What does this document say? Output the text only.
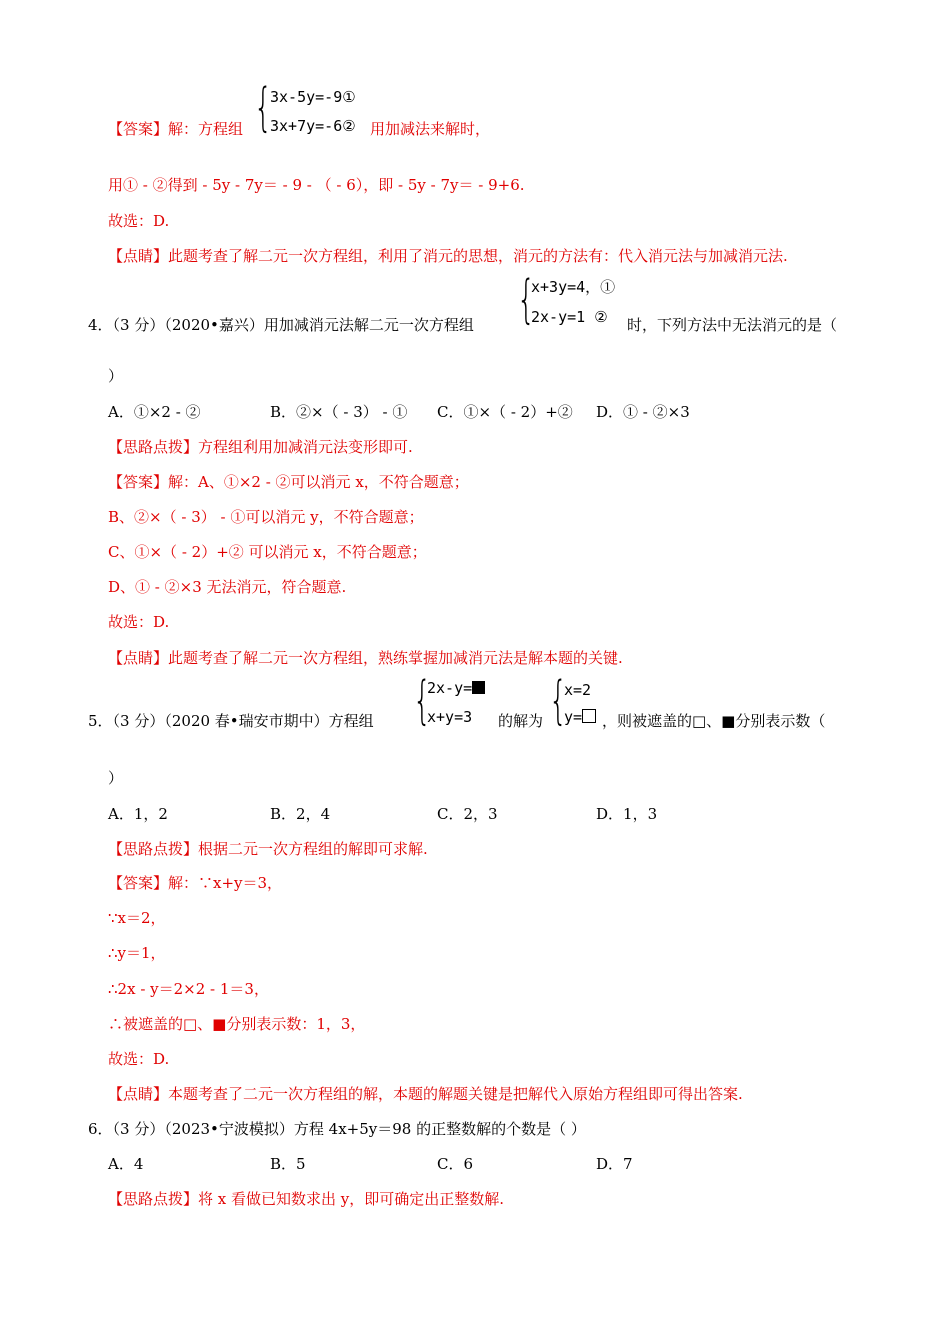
【答案】解：方程组 {
3x-5y=-9①
3x+7y=-6② 用加减法来解时，
用① - ②得到 - 5y - 7y＝ - 9 - （ - 6），即 - 5y - 7y＝ - 9+6.
故选：D.
【点睛】此题考查了解二元一次方程组，利用了消元的思想，消元的方法有：代入消元法与加减消元法.
4．（3 分）（2020•嘉兴）用加减消元法解二元一次方程组 {
x+3y=4，①
2x-y=1 ② 时，下列方法中无法消元的是（
）
A．①×2 - ②	B．②×（ - 3） - ① C．①×（ - 2）+② D．① - ②×3
【思路点拨】方程组利用加减消元法变形即可.
【答案】解：A、①×2 - ②可以消元 x，不符合题意；
B、②×（ - 3） - ①可以消元 y，不符合题意；
C、①×（ - 2）+② 可以消元 x，不符合题意；
D、① - ②×3 无法消元，符合题意.
故选：D.
【点睛】此题考查了解二元一次方程组，熟练掌握加减消元法是解本题的关键.
5．（3 分）（2020 春•瑞安市期中）方程组 {
2x-y=
x+y=3 的解为 {
x=2
y=	，则被遮盖的□、■分别表示数（
）
A．1，2	B．2，4	C．2，3	D．1，3
【思路点拨】根据二元一次方程组的解即可求解.
【答案】解：∵x+y＝3，
∵x＝2，
∴y＝1，
∴2x - y＝2×2 - 1＝3，
∴被遮盖的□、■分别表示数：1，3，
故选：D.
【点睛】本题考查了二元一次方程组的解，本题的解题关键是把解代入原始方程组即可得出答案.
6．（3 分）（2023•宁波模拟）方程 4x+5y＝98 的正整数解的个数是（ ）
A．4	B．5	C．6	D．7
【思路点拨】将 x 看做已知数求出 y，即可确定出正整数解.
